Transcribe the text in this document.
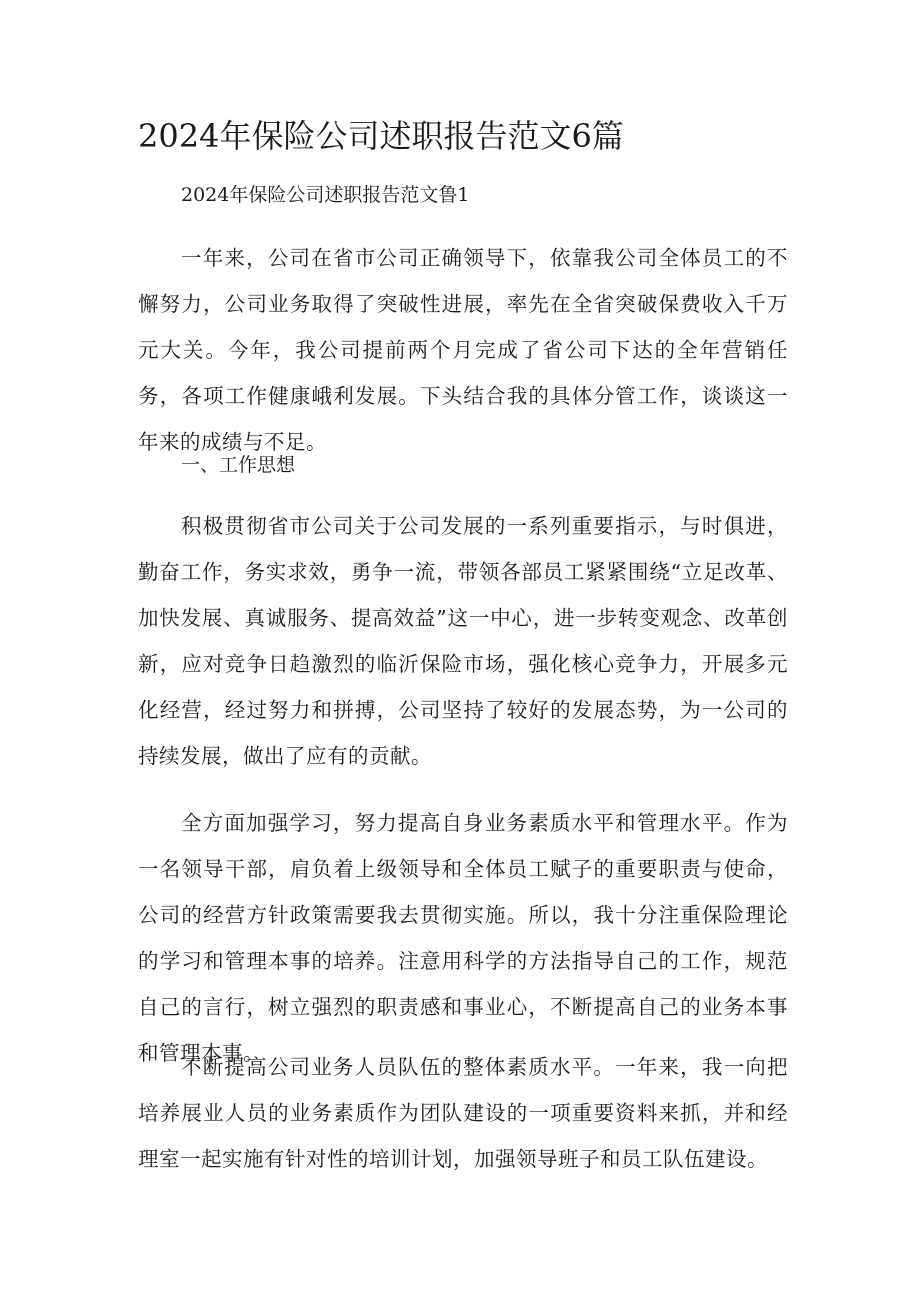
2024年保险公司述职报告范文6篇
2024年保险公司述职报告范文鲁1

一年来，公司在省市公司正确领导下，依靠我公司全体员工的不懈努力，公司业务取得了突破性进展，率先在全省突破保费收入千万元大关。今年，我公司提前两个月完成了省公司下达的全年营销任务，各项工作健康峨利发展。下头结合我的具体分管工作，谈谈这一年来的成绩与不足。

一、工作思想

积极贯彻省市公司关于公司发展的一系列重要指示，与时俱进，勤奋工作，务实求效，勇争一流，带领各部员工紧紧围绕“立足改革、加快发展、真诚服务、提高效益”这一中心，进一步转变观念、改革创新，应对竞争日趋激烈的临沂保险市场，强化核心竞争力，开展多元化经营，经过努力和拼搏，公司坚持了较好的发展态势，为一公司的持续发展，做出了应有的贡献。

全方面加强学习，努力提高自身业务素质水平和管理水平。作为一名领导干部，肩负着上级领导和全体员工赋子的重要职责与使命，公司的经营方针政策需要我去贯彻实施。所以，我十分注重保险理论的学习和管理本事的培养。注意用科学的方法指导自己的工作，规范自己的言行，树立强烈的职责感和事业心，不断提高自己的业务本事和管理本事。

不断提高公司业务人员队伍的整体素质水平。一年来，我一向把培养展业人员的业务素质作为团队建设的一项重要资料来抓，并和经理室一起实施有针对性的培训计划，加强领导班子和员工队伍建设。
